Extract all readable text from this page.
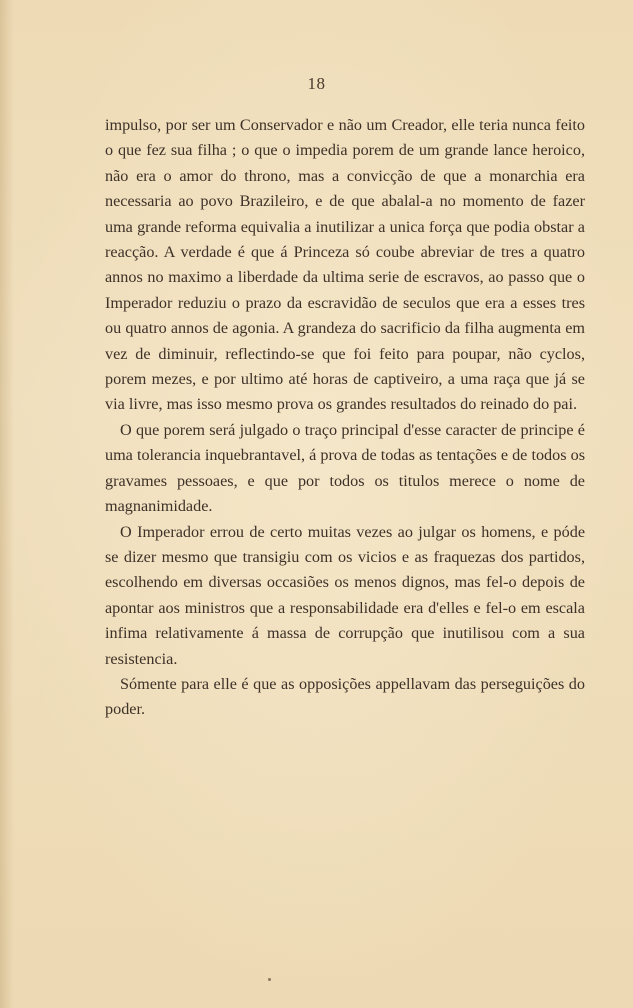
18

impulso, por ser um Conservador e não um Creador, elle teria nunca feito o que fez sua filha ; o que o impedia porem de um grande lance heroico, não era o amor do throno, mas a convicção de que a monarchia era necessaria ao povo Brazileiro, e de que abalal-a no momento de fazer uma grande reforma equivalia a inutilizar a unica força que podia obstar a reacção. A verdade é que á Princeza só coube abreviar de tres a quatro annos no maximo a liberdade da ultima serie de escravos, ao passo que o Imperador reduziu o prazo da escravidão de seculos que era a esses tres ou quatro annos de agonia. A grandeza do sacrificio da filha augmenta em vez de diminuir, reflectindo-se que foi feito para poupar, não cyclos, porem mezes, e por ultimo até horas de captiveiro, a uma raça que já se via livre, mas isso mesmo prova os grandes resultados do reinado do pai.

O que porem será julgado o traço principal d'esse caracter de principe é uma tolerancia inquebrantavel, á prova de todas as tentações e de todos os gravames pessoaes, e que por todos os titulos merece o nome de magnanimidade.

O Imperador errou de certo muitas vezes ao julgar os homens, e póde se dizer mesmo que transigiu com os vicios e as fraquezas dos partidos, escolhendo em diversas occasiões os menos dignos, mas fel-o depois de apontar aos ministros que a responsabilidade era d'elles e fel-o em escala infima relativamente á massa de corrupção que inutilisou com a sua resistencia.

Sómente para elle é que as opposições appellavam das perseguições do poder.
